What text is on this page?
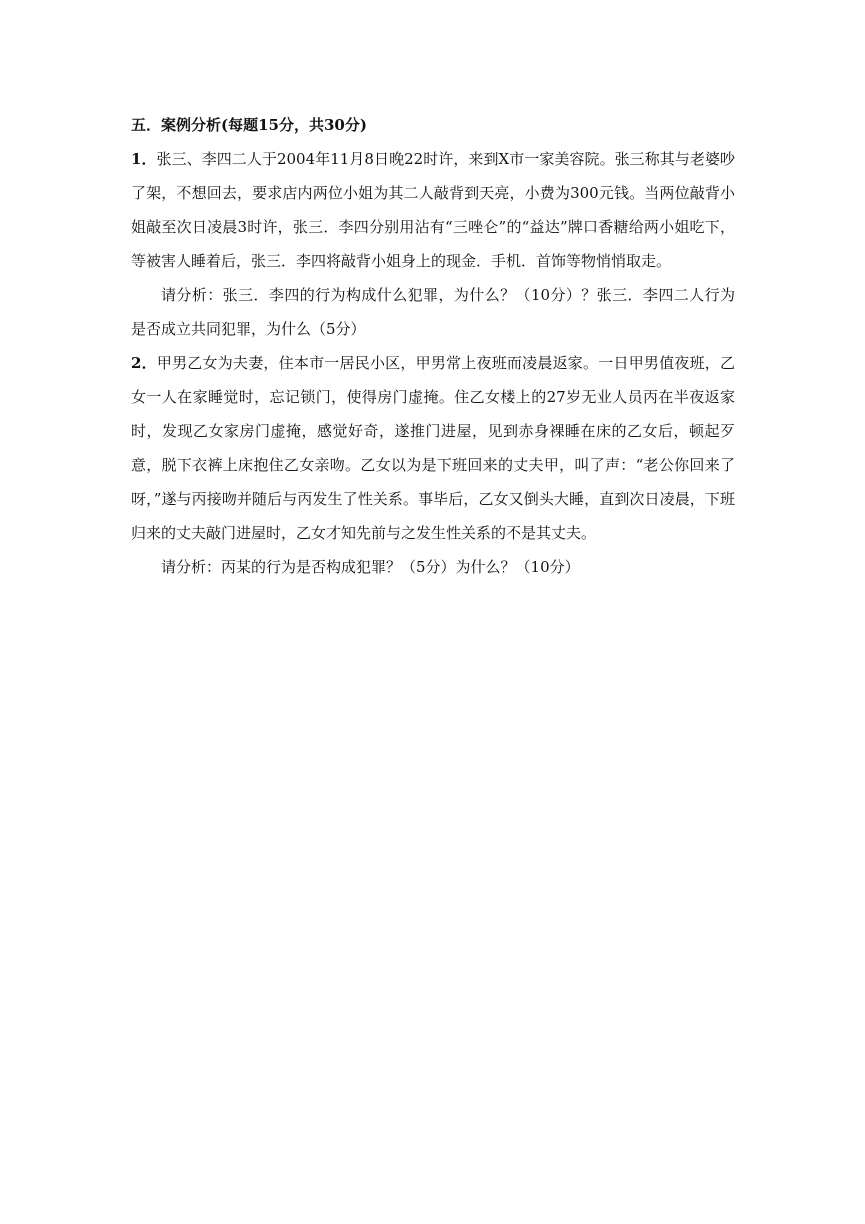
五．案例分析(每题15分，共30分)

1．张三、李四二人于2004年11月8日晚22时许，来到X市一家美容院。张三称其与老婆吵了架，不想回去，要求店内两位小姐为其二人敲背到天亮，小费为300元钱。当两位敲背小姐敲至次日凌晨3时许，张三．李四分别用沾有“三唑仑”的“益达”牌口香糖给两小姐吃下，等被害人睡着后，张三．李四将敲背小姐身上的现金．手机．首饰等物悄悄取走。

请分析：张三．李四的行为构成什么犯罪，为什么？（10分）？张三．李四二人行为是否成立共同犯罪，为什么（5分）

2．甲男乙女为夫妻，住本市一居民小区，甲男常上夜班而凌晨返家。一日甲男值夜班，乙女一人在家睡觉时，忘记锁门，使得房门虚掩。住乙女楼上的27岁无业人员丙在半夜返家时，发现乙女家房门虚掩，感觉好奇，遂推门进屋，见到赤身裸睡在床的乙女后，顿起歹意，脱下衣裤上床抱住乙女亲吻。乙女以为是下班回来的丈夫甲，叫了声：“老公你回来了呀，”遂与丙接吻并随后与丙发生了性关系。事毕后，乙女又倒头大睡，直到次日凌晨，下班归来的丈夫敲门进屋时，乙女才知先前与之发生性关系的不是其丈夫。

请分析：丙某的行为是否构成犯罪？（5分）为什么？（10分）
